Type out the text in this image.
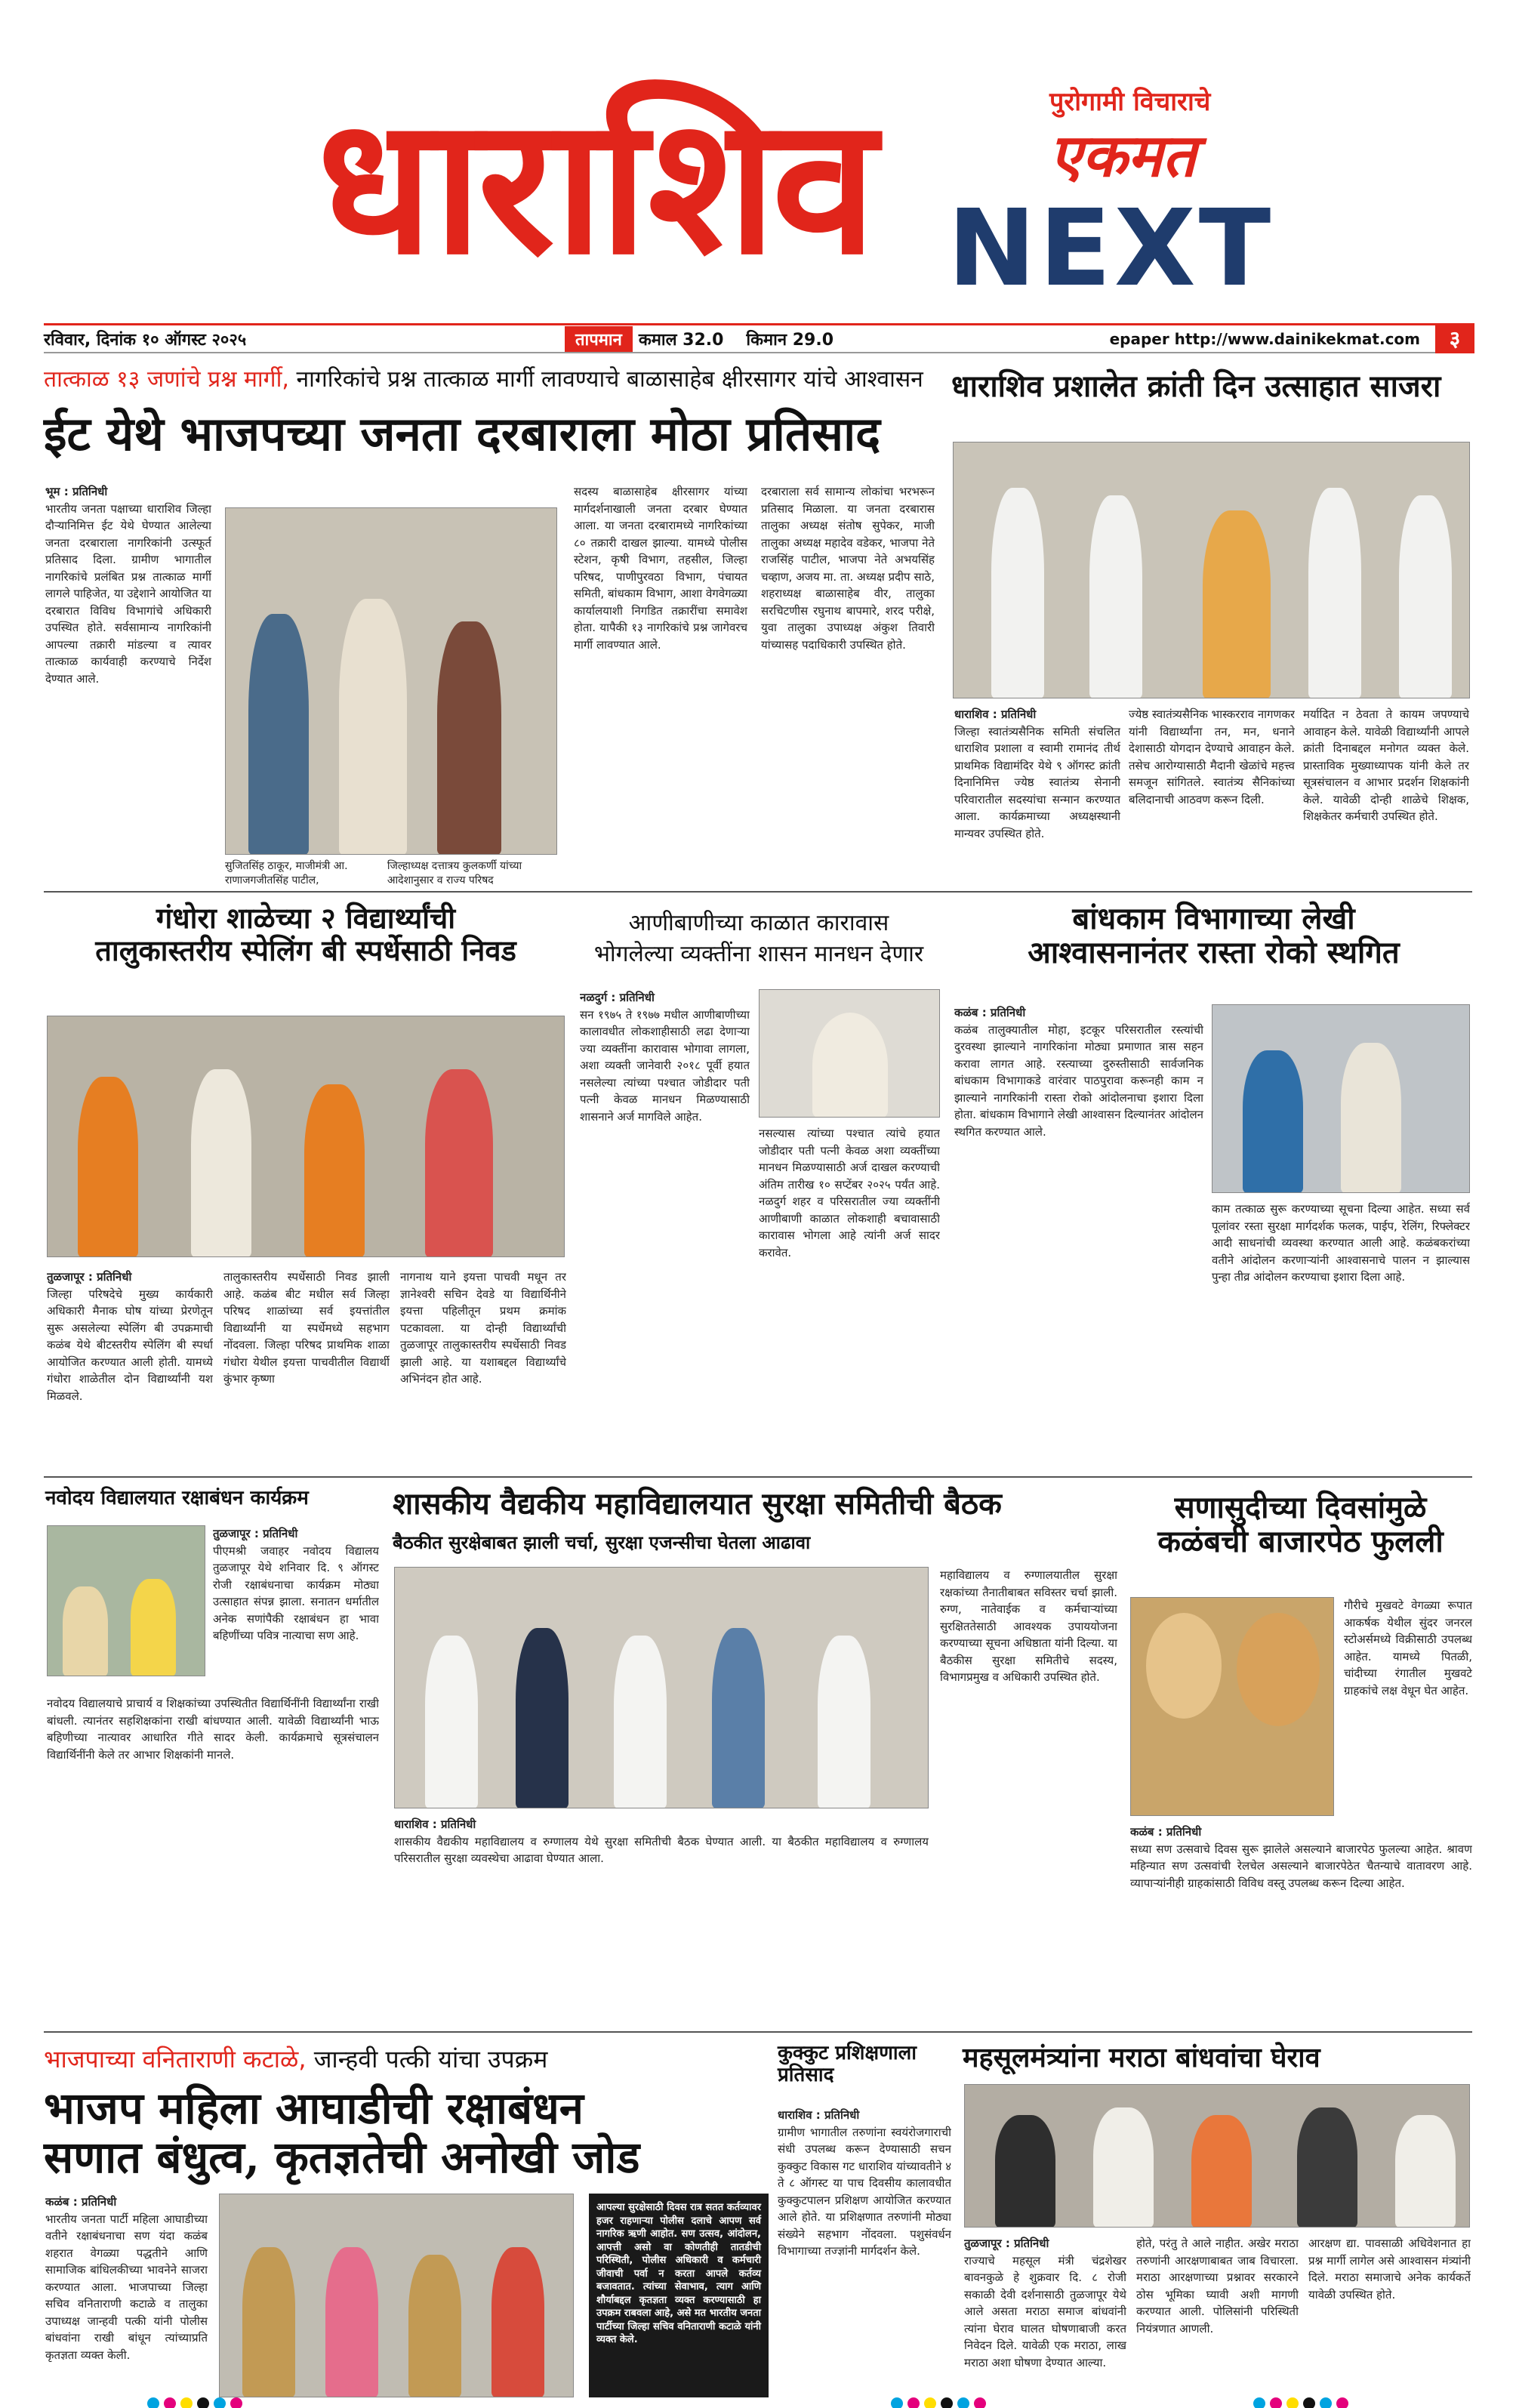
धाराशिव	पुरोगामी विचाराचे
एकमत
NEXT
रविवार, दिनांक १० ऑगस्ट २०२५	तापमान	कमाल 32.0 किमान 29.0	epaper http://www.dainikekmat.com	३
तात्काळ १३ जणांचे प्रश्न मार्गी, नागरिकांचे प्रश्न तात्काळ मार्गी लावण्याचे बाळासाहेब क्षीरसागर यांचे आश्वासन
ईट येथे भाजपच्या जनता दरबाराला मोठा प्रतिसाद
भूम : प्रतिनिधी
भारतीय जनता पक्षाच्या धाराशिव जिल्हा दौऱ्यानिमित्त ईट येथे घेण्यात आलेल्या जनता दरबाराला नागरिकांनी उत्स्फूर्त प्रतिसाद दिला. ग्रामीण भागातील नागरिकांचे प्रलंबित प्रश्न तात्काळ मार्गी लागले पाहिजेत, या उद्देशाने आयोजित या दरबारात विविध विभागांचे अधिकारी उपस्थित होते. सर्वसामान्य नागरिकांनी आपल्या तक्रारी मांडल्या व त्यावर तात्काळ कार्यवाही करण्याचे निर्देश देण्यात आले.
सुजितसिंह ठाकूर, माजीमंत्री आ. राणाजगजीतसिंह पाटील,
जिल्हाध्यक्ष दत्तात्रय कुलकर्णी यांच्या आदेशानुसार व राज्य परिषद
सदस्य बाळासाहेब क्षीरसागर यांच्या मार्गदर्शनाखाली जनता दरबार घेण्यात आला. या जनता दरबारामध्ये नागरिकांच्या ८० तक्रारी दाखल झाल्या. यामध्ये पोलीस स्टेशन, कृषी विभाग, तहसील, जिल्हा परिषद, पाणीपुरवठा विभाग, पंचायत समिती, बांधकाम विभाग, आशा वेगवेगळ्या कार्यालयाशी निगडित तक्रारींचा समावेश होता. यापैकी १३ नागरिकांचे प्रश्न जागेवरच मार्गी लावण्यात आले.
दरबाराला सर्व सामान्य लोकांचा भरभरून प्रतिसाद मिळाला. या जनता दरबारास तालुका अध्यक्ष संतोष सुपेकर, माजी तालुका अध्यक्ष महादेव वडेकर, भाजपा नेते राजसिंह पाटील, भाजपा नेते अभयसिंह चव्हाण, अजय मा. ता. अध्यक्ष प्रदीप साठे, शहराध्यक्ष बाळासाहेब वीर, तालुका सरचिटणीस रघुनाथ बापमारे, शरद परीक्षे, युवा तालुका उपाध्यक्ष अंकुश तिवारी यांच्यासह पदाधिकारी उपस्थित होते.
धाराशिव प्रशालेत क्रांती दिन उत्साहात साजरा
धाराशिव : प्रतिनिधी
जिल्हा स्वातंत्र्यसैनिक समिती संचलित धाराशिव प्रशाला व स्वामी रामानंद तीर्थ प्राथमिक विद्यामंदिर येथे ९ ऑगस्ट क्रांती दिनानिमित्त ज्येष्ठ स्वातंत्र्य सेनानी परिवारातील सदस्यांचा सन्मान करण्यात आला. कार्यक्रमाच्या अध्यक्षस्थानी मान्यवर उपस्थित होते.
ज्येष्ठ स्वातंत्र्यसैनिक भास्करराव नागणकर यांनी विद्यार्थ्यांना तन, मन, धनाने देशासाठी योगदान देण्याचे आवाहन केले. तसेच आरोग्यासाठी मैदानी खेळांचे महत्त्व समजून सांगितले. स्वातंत्र्य सैनिकांच्या बलिदानाची आठवण करून दिली.
मर्यादित न ठेवता ते कायम जपण्याचे आवाहन केले. यावेळी विद्यार्थ्यांनी आपले क्रांती दिनाबद्दल मनोगत व्यक्त केले. प्रास्ताविक मुख्याध्यापक यांनी केले तर सूत्रसंचालन व आभार प्रदर्शन शिक्षकांनी केले. यावेळी दोन्ही शाळेचे शिक्षक, शिक्षकेतर कर्मचारी उपस्थित होते.
गंधोरा शाळेच्या २ विद्यार्थ्यांची
तालुकास्तरीय स्पेलिंग बी स्पर्धेसाठी निवड
तुळजापूर : प्रतिनिधी
जिल्हा परिषदेचे मुख्य कार्यकारी अधिकारी मैनाक घोष यांच्या प्रेरणेतून सुरू असलेल्या स्पेलिंग बी उपक्रमाची कळंब येथे बीटस्तरीय स्पेलिंग बी स्पर्धा आयोजित करण्यात आली होती. यामध्ये गंधोरा शाळेतील दोन विद्यार्थ्यांनी यश मिळवले.
तालुकास्तरीय स्पर्धेसाठी निवड झाली आहे. कळंब बीट मधील सर्व जिल्हा परिषद शाळांच्या सर्व इयत्तांतील विद्यार्थ्यांनी या स्पर्धेमध्ये सहभाग नोंदवला. जिल्हा परिषद प्राथमिक शाळा गंधोरा येथील इयत्ता पाचवीतील विद्यार्थी कुंभार कृष्णा
नागनाथ याने इयत्ता पाचवी मधून तर ज्ञानेश्वरी सचिन देवडे या विद्यार्थिनीने इयत्ता पहिलीतून प्रथम क्रमांक पटकावला. या दोन्ही विद्यार्थ्यांची तुळजापूर तालुकास्तरीय स्पर्धेसाठी निवड झाली आहे. या यशाबद्दल विद्यार्थ्यांचे अभिनंदन होत आहे.
आणीबाणीच्या काळात कारावास
भोगलेल्या व्यक्तींना शासन मानधन देणार
नळदुर्ग : प्रतिनिधी
सन १९७५ ते १९७७ मधील आणीबाणीच्या कालावधीत लोकशाहीसाठी लढा देणाऱ्या ज्या व्यक्तींना कारावास भोगावा लागला, अशा व्यक्ती जानेवारी २०१८ पूर्वी हयात नसलेल्या त्यांच्या पश्चात जोडीदार पती पत्नी केवळ मानधन मिळण्यासाठी शासनाने अर्ज मागविले आहेत.
नसल्यास त्यांच्या पश्चात त्यांचे हयात जोडीदार पती पत्नी केवळ अशा व्यक्तींच्या मानधन मिळण्यासाठी अर्ज दाखल करण्याची अंतिम तारीख १० सप्टेंबर २०२५ पर्यंत आहे. नळदुर्ग शहर व परिसरातील ज्या व्यक्तींनी आणीबाणी काळात लोकशाही बचावासाठी कारावास भोगला आहे त्यांनी अर्ज सादर करावेत.
बांधकाम विभागाच्या लेखी
आश्वासनानंतर रास्ता रोको स्थगित
कळंब : प्रतिनिधी
कळंब तालुक्यातील मोहा, इटकूर परिसरातील रस्त्यांची दुरवस्था झाल्याने नागरिकांना मोठ्या प्रमाणात त्रास सहन करावा लागत आहे. रस्त्याच्या दुरुस्तीसाठी सार्वजनिक बांधकाम विभागाकडे वारंवार पाठपुरावा करूनही काम न झाल्याने नागरिकांनी रास्ता रोको आंदोलनाचा इशारा दिला होता. बांधकाम विभागाने लेखी आश्वासन दिल्यानंतर आंदोलन स्थगित करण्यात आले.
काम तत्काळ सुरू करण्याच्या सूचना दिल्या आहेत. सध्या सर्व पूलांवर रस्ता सुरक्षा मार्गदर्शक फलक, पाईप, रेलिंग, रिफ्लेक्टर आदी साधनांची व्यवस्था करण्यात आली आहे. कळंबकरांच्या वतीने आंदोलन करणाऱ्यांनी आश्वासनाचे पालन न झाल्यास पुन्हा तीव्र आंदोलन करण्याचा इशारा दिला आहे.
नवोदय विद्यालयात रक्षाबंधन कार्यक्रम
तुळजापूर : प्रतिनिधी
पीएमश्री जवाहर नवोदय विद्यालय तुळजापूर येथे शनिवार दि. ९ ऑगस्ट रोजी रक्षाबंधनाचा कार्यक्रम मोठ्या उत्साहात संपन्न झाला. सनातन धर्मातील अनेक सणांपैकी रक्षाबंधन हा भावा बहिणींच्या पवित्र नात्याचा सण आहे.
नवोदय विद्यालयाचे प्राचार्य व शिक्षकांच्या उपस्थितीत विद्यार्थिनींनी विद्यार्थ्यांना राखी बांधली. त्यानंतर सहशिक्षकांना राखी बांधण्यात आली. यावेळी विद्यार्थ्यांनी भाऊ बहिणीच्या नात्यावर आधारित गीते सादर केली. कार्यक्रमाचे सूत्रसंचालन विद्यार्थिनींनी केले तर आभार शिक्षकांनी मानले.
शासकीय वैद्यकीय महाविद्यालयात सुरक्षा समितीची बैठक
बैठकीत सुरक्षेबाबत झाली चर्चा, सुरक्षा एजन्सीचा घेतला आढावा
धाराशिव : प्रतिनिधी
शासकीय वैद्यकीय महाविद्यालय व रुग्णालय येथे सुरक्षा समितीची बैठक घेण्यात आली. या बैठकीत महाविद्यालय व रुग्णालय परिसरातील सुरक्षा व्यवस्थेचा आढावा घेण्यात आला.
महाविद्यालय व रुग्णालयातील सुरक्षा रक्षकांच्या तैनातीबाबत सविस्तर चर्चा झाली. रुग्ण, नातेवाईक व कर्मचाऱ्यांच्या सुरक्षिततेसाठी आवश्यक उपाययोजना करण्याच्या सूचना अधिष्ठाता यांनी दिल्या. या बैठकीस सुरक्षा समितीचे सदस्य, विभागप्रमुख व अधिकारी उपस्थित होते.
सणासुदीच्या दिवसांमुळे
कळंबची बाजारपेठ फुलली
गौरीचे मुखवटे वेगळ्या रूपात आकर्षक येथील सुंदर जनरल स्टोअर्समध्ये विक्रीसाठी उपलब्ध आहेत. यामध्ये पितळी, चांदीच्या रंगातील मुखवटे ग्राहकांचे लक्ष वेधून घेत आहेत.
कळंब : प्रतिनिधी
सध्या सण उत्सवाचे दिवस सुरू झालेले असल्याने बाजारपेठ फुलल्या आहेत. श्रावण महिन्यात सण उत्सवांची रेलचेल असल्याने बाजारपेठेत चैतन्याचे वातावरण आहे. व्यापाऱ्यांनीही ग्राहकांसाठी विविध वस्तू उपलब्ध करून दिल्या आहेत.
भाजपाच्या वनिताराणी कटाळे, जान्हवी पत्की यांचा उपक्रम
भाजप महिला आघाडीची रक्षाबंधन
सणात बंधुत्व, कृतज्ञतेची अनोखी जोड
कळंब : प्रतिनिधी
भारतीय जनता पार्टी महिला आघाडीच्या वतीने रक्षाबंधनाचा सण यंदा कळंब शहरात वेगळ्या पद्धतीने आणि सामाजिक बांधिलकीच्या भावनेने साजरा करण्यात आला. भाजपाच्या जिल्हा सचिव वनिताराणी कटाळे व तालुका उपाध्यक्ष जान्हवी पत्की यांनी पोलीस बांधवांना राखी बांधून त्यांच्याप्रति कृतज्ञता व्यक्त केली.
आपल्या सुरक्षेसाठी दिवस रात्र सतत कर्तव्यावर हजर राहणाऱ्या पोलीस दलाचे आपण सर्व नागरिक ऋणी आहोत. सण उत्सव, आंदोलन, आपत्ती असो वा कोणतीही तातडीची परिस्थिती, पोलीस अधिकारी व कर्मचारी जीवाची पर्वा न करता आपले कर्तव्य बजावतात. त्यांच्या सेवाभाव, त्याग आणि शौर्याबद्दल कृतज्ञता व्यक्त करण्यासाठी हा उपक्रम राबवला आहे, असे मत भारतीय जनता पार्टीच्या जिल्हा सचिव वनिताराणी कटाळे यांनी व्यक्त केले.
कुक्कुट प्रशिक्षणाला
प्रतिसाद
धाराशिव : प्रतिनिधी
ग्रामीण भागातील तरुणांना स्वयंरोजगाराची संधी उपलब्ध करून देण्यासाठी सचन कुक्कुट विकास गट धाराशिव यांच्यावतीने ४ ते ८ ऑगस्ट या पाच दिवसीय कालावधीत कुक्कुटपालन प्रशिक्षण आयोजित करण्यात आले होते. या प्रशिक्षणात तरुणांनी मोठ्या संख्येने सहभाग नोंदवला. पशुसंवर्धन विभागाच्या तज्ज्ञांनी मार्गदर्शन केले.
महसूलमंत्र्यांना मराठा बांधवांचा घेराव
तुळजापूर : प्रतिनिधी
राज्याचे महसूल मंत्री चंद्रशेखर बावनकुळे हे शुक्रवार दि. ८ रोजी सकाळी देवी दर्शनासाठी तुळजापूर येथे आले असता मराठा समाज बांधवांनी त्यांना घेराव घालत घोषणाबाजी करत निवेदन दिले. यावेळी एक मराठा, लाख मराठा अशा घोषणा देण्यात आल्या.
होते, परंतु ते आले नाहीत. अखेर मराठा तरुणांनी आरक्षणाबाबत जाब विचारला. मराठा आरक्षणाच्या प्रश्नावर सरकारने ठोस भूमिका घ्यावी अशी मागणी करण्यात आली. पोलिसांनी परिस्थिती नियंत्रणात आणली.
आरक्षण द्या. पावसाळी अधिवेशनात हा प्रश्न मार्गी लागेल असे आश्वासन मंत्र्यांनी दिले. मराठा समाजाचे अनेक कार्यकर्ते यावेळी उपस्थित होते.
